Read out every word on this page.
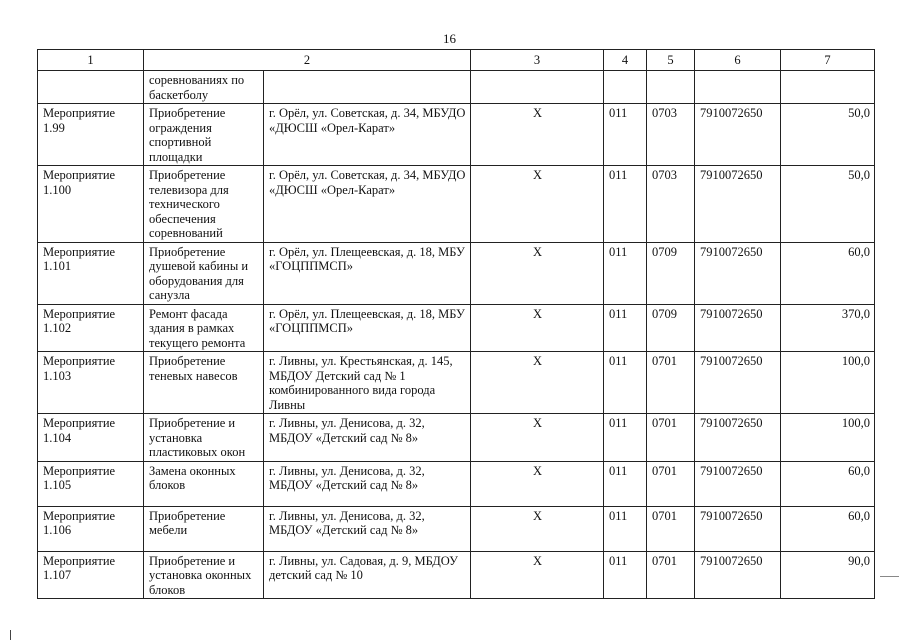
16
1	2		3	4	5	6	7
	соревнованиях по баскетболу						
Мероприятие 1.99	Приобретение ограждения спортивной площадки	г. Орёл, ул. Советская, д. 34, МБУДО «ДЮСШ «Орел-Карат»	X	011	0703	7910072650	50,0
Мероприятие 1.100	Приобретение телевизора для технического обеспечения соревнований	г. Орёл, ул. Советская, д. 34, МБУДО «ДЮСШ «Орел-Карат»	X	011	0703	7910072650	50,0
Мероприятие 1.101	Приобретение душевой кабины и оборудования для санузла	г. Орёл, ул. Плещеевская, д. 18, МБУ «ГОЦППМСП»	X	011	0709	7910072650	60,0
Мероприятие 1.102	Ремонт фасада здания в рамках текущего ремонта	г. Орёл, ул. Плещеевская, д. 18, МБУ «ГОЦППМСП»	X	011	0709	7910072650	370,0
Мероприятие 1.103	Приобретение теневых навесов	г. Ливны, ул. Крестьянская, д. 145, МБДОУ Детский сад № 1 комбинированного вида города Ливны	X	011	0701	7910072650	100,0
Мероприятие 1.104	Приобретение и установка пластиковых окон	г. Ливны, ул. Денисова, д. 32, МБДОУ «Детский сад № 8»	X	011	0701	7910072650	100,0
Мероприятие 1.105	Замена оконных блоков	г. Ливны, ул. Денисова, д. 32, МБДОУ «Детский сад № 8»	X	011	0701	7910072650	60,0
Мероприятие 1.106	Приобретение мебели	г. Ливны, ул. Денисова, д. 32, МБДОУ «Детский сад № 8»	X	011	0701	7910072650	60,0
Мероприятие 1.107	Приобретение и установка оконных блоков	г. Ливны, ул. Садовая, д. 9, МБДОУ детский сад № 10	X	011	0701	7910072650	90,0
